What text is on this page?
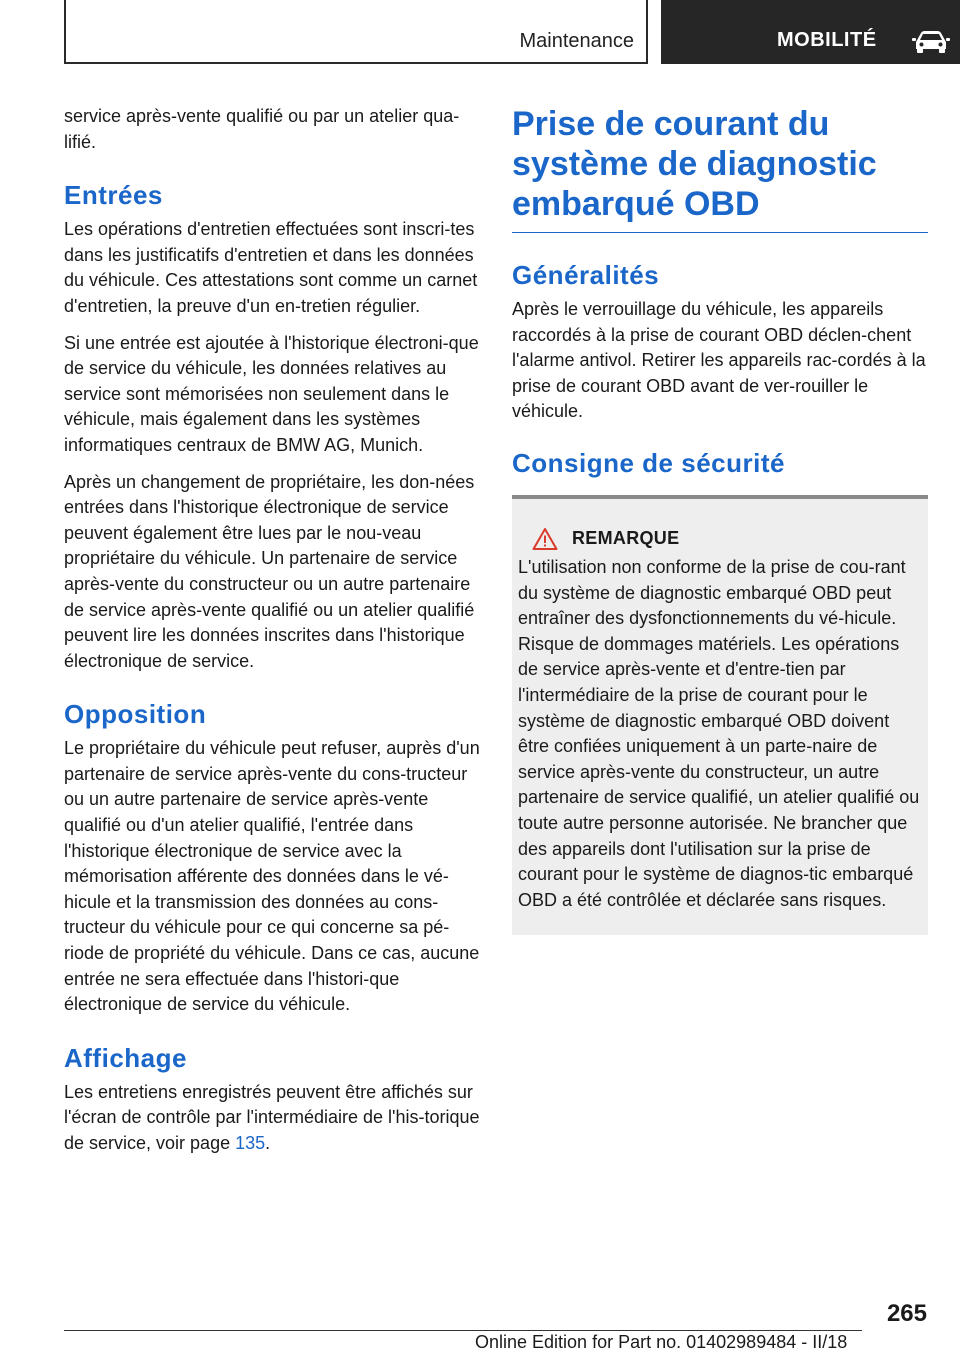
Maintenance	MOBILITÉ

service après-vente qualifié ou par un atelier qua-lifié.

Entrées

Les opérations d'entretien effectuées sont inscri-tes dans les justificatifs d'entretien et dans les données du véhicule. Ces attestations sont comme un carnet d'entretien, la preuve d'un en-tretien régulier.

Si une entrée est ajoutée à l'historique électroni-que de service du véhicule, les données relatives au service sont mémorisées non seulement dans le véhicule, mais également dans les systèmes informatiques centraux de BMW AG, Munich.

Après un changement de propriétaire, les don-nées entrées dans l'historique électronique de service peuvent également être lues par le nou-veau propriétaire du véhicule. Un partenaire de service après-vente du constructeur ou un autre partenaire de service après-vente qualifié ou un atelier qualifié peuvent lire les données inscrites dans l'historique électronique de service.

Opposition

Le propriétaire du véhicule peut refuser, auprès d'un partenaire de service après-vente du cons-tructeur ou un autre partenaire de service après-vente qualifié ou d'un atelier qualifié, l'entrée dans l'historique électronique de service avec la mémorisation afférente des données dans le vé-hicule et la transmission des données au cons-tructeur du véhicule pour ce qui concerne sa pé-riode de propriété du véhicule. Dans ce cas, aucune entrée ne sera effectuée dans l'histori-que électronique de service du véhicule.

Affichage

Les entretiens enregistrés peuvent être affichés sur l'écran de contrôle par l'intermédiaire de l'his-torique de service, voir page 135.

Prise de courant du système de diagnostic embarqué OBD
Généralités

Après le verrouillage du véhicule, les appareils raccordés à la prise de courant OBD déclen-chent l'alarme antivol. Retirer les appareils rac-cordés à la prise de courant OBD avant de ver-rouiller le véhicule.

Consigne de sécurité
REMARQUE

L'utilisation non conforme de la prise de cou-rant du système de diagnostic embarqué OBD peut entraîner des dysfonctionnements du vé-hicule. Risque de dommages matériels. Les opérations de service après-vente et d'entre-tien par l'intermédiaire de la prise de courant pour le système de diagnostic embarqué OBD doivent être confiées uniquement à un parte-naire de service après-vente du constructeur, un autre partenaire de service qualifié, un atelier qualifié ou toute autre personne autorisée. Ne brancher que des appareils dont l'utilisation sur la prise de courant pour le système de diagnos-tic embarqué OBD a été contrôlée et déclarée sans risques.

265
Online Edition for Part no. 01402989484 - II/18
